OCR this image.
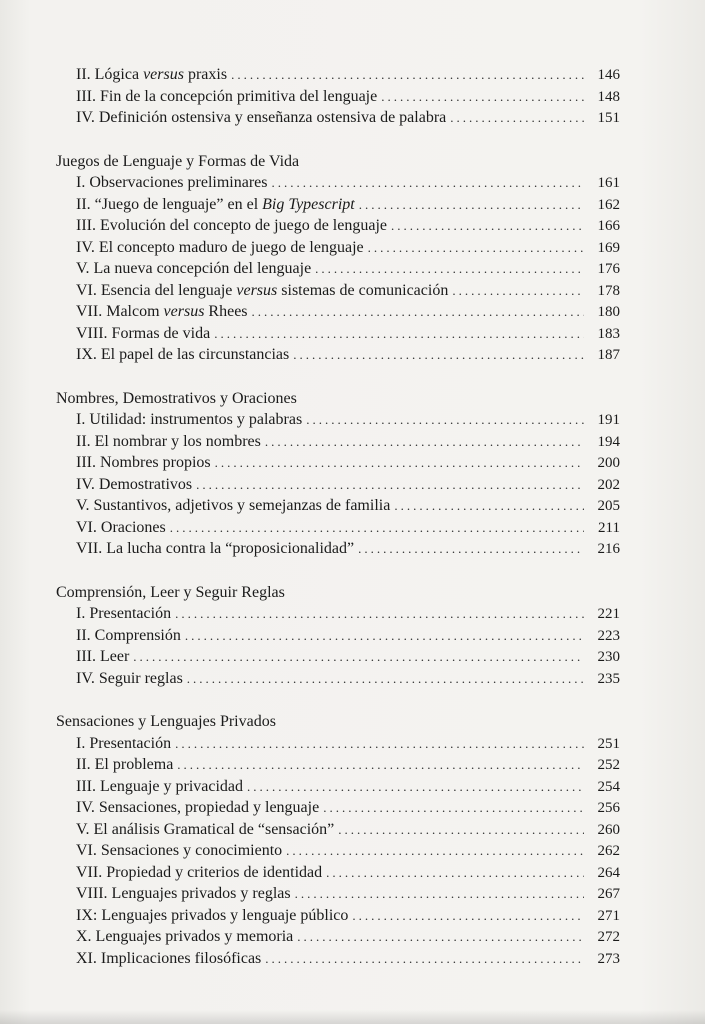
II. Lógica versus praxis .....	146
III. Fin de la concepción primitiva del lenguaje .....	148
IV. Definición ostensiva y enseñanza ostensiva de palabra .....	151
Juegos de Lenguaje y Formas de Vida
I. Observaciones preliminares .....	161
II. “Juego de lenguaje” en el Big Typescript .....	162
III. Evolución del concepto de juego de lenguaje .....	166
IV. El concepto maduro de juego de lenguaje .....	169
V. La nueva concepción del lenguaje .....	176
VI. Esencia del lenguaje versus sistemas de comunicación .....	178
VII. Malcom versus Rhees .....	180
VIII. Formas de vida .....	183
IX. El papel de las circunstancias .....	187
Nombres, Demostrativos y Oraciones
I. Utilidad: instrumentos y palabras .....	191
II. El nombrar y los nombres .....	194
III. Nombres propios .....	200
IV. Demostrativos .....	202
V. Sustantivos, adjetivos y semejanzas de familia .....	205
VI. Oraciones .....	211
VII. La lucha contra la “proposicionalidad” .....	216
Comprensión, Leer y Seguir Reglas
I. Presentación .....	221
II. Comprensión .....	223
III. Leer .....	230
IV. Seguir reglas .....	235
Sensaciones y Lenguajes Privados
I. Presentación .....	251
II. El problema .....	252
III. Lenguaje y privacidad .....	254
IV. Sensaciones, propiedad y lenguaje .....	256
V. El análisis Gramatical de “sensación” .....	260
VI. Sensaciones y conocimiento .....	262
VII. Propiedad y criterios de identidad .....	264
VIII. Lenguajes privados y reglas .....	267
IX: Lenguajes privados y lenguaje público .....	271
X. Lenguajes privados y memoria .....	272
XI. Implicaciones filosóficas .....	273
